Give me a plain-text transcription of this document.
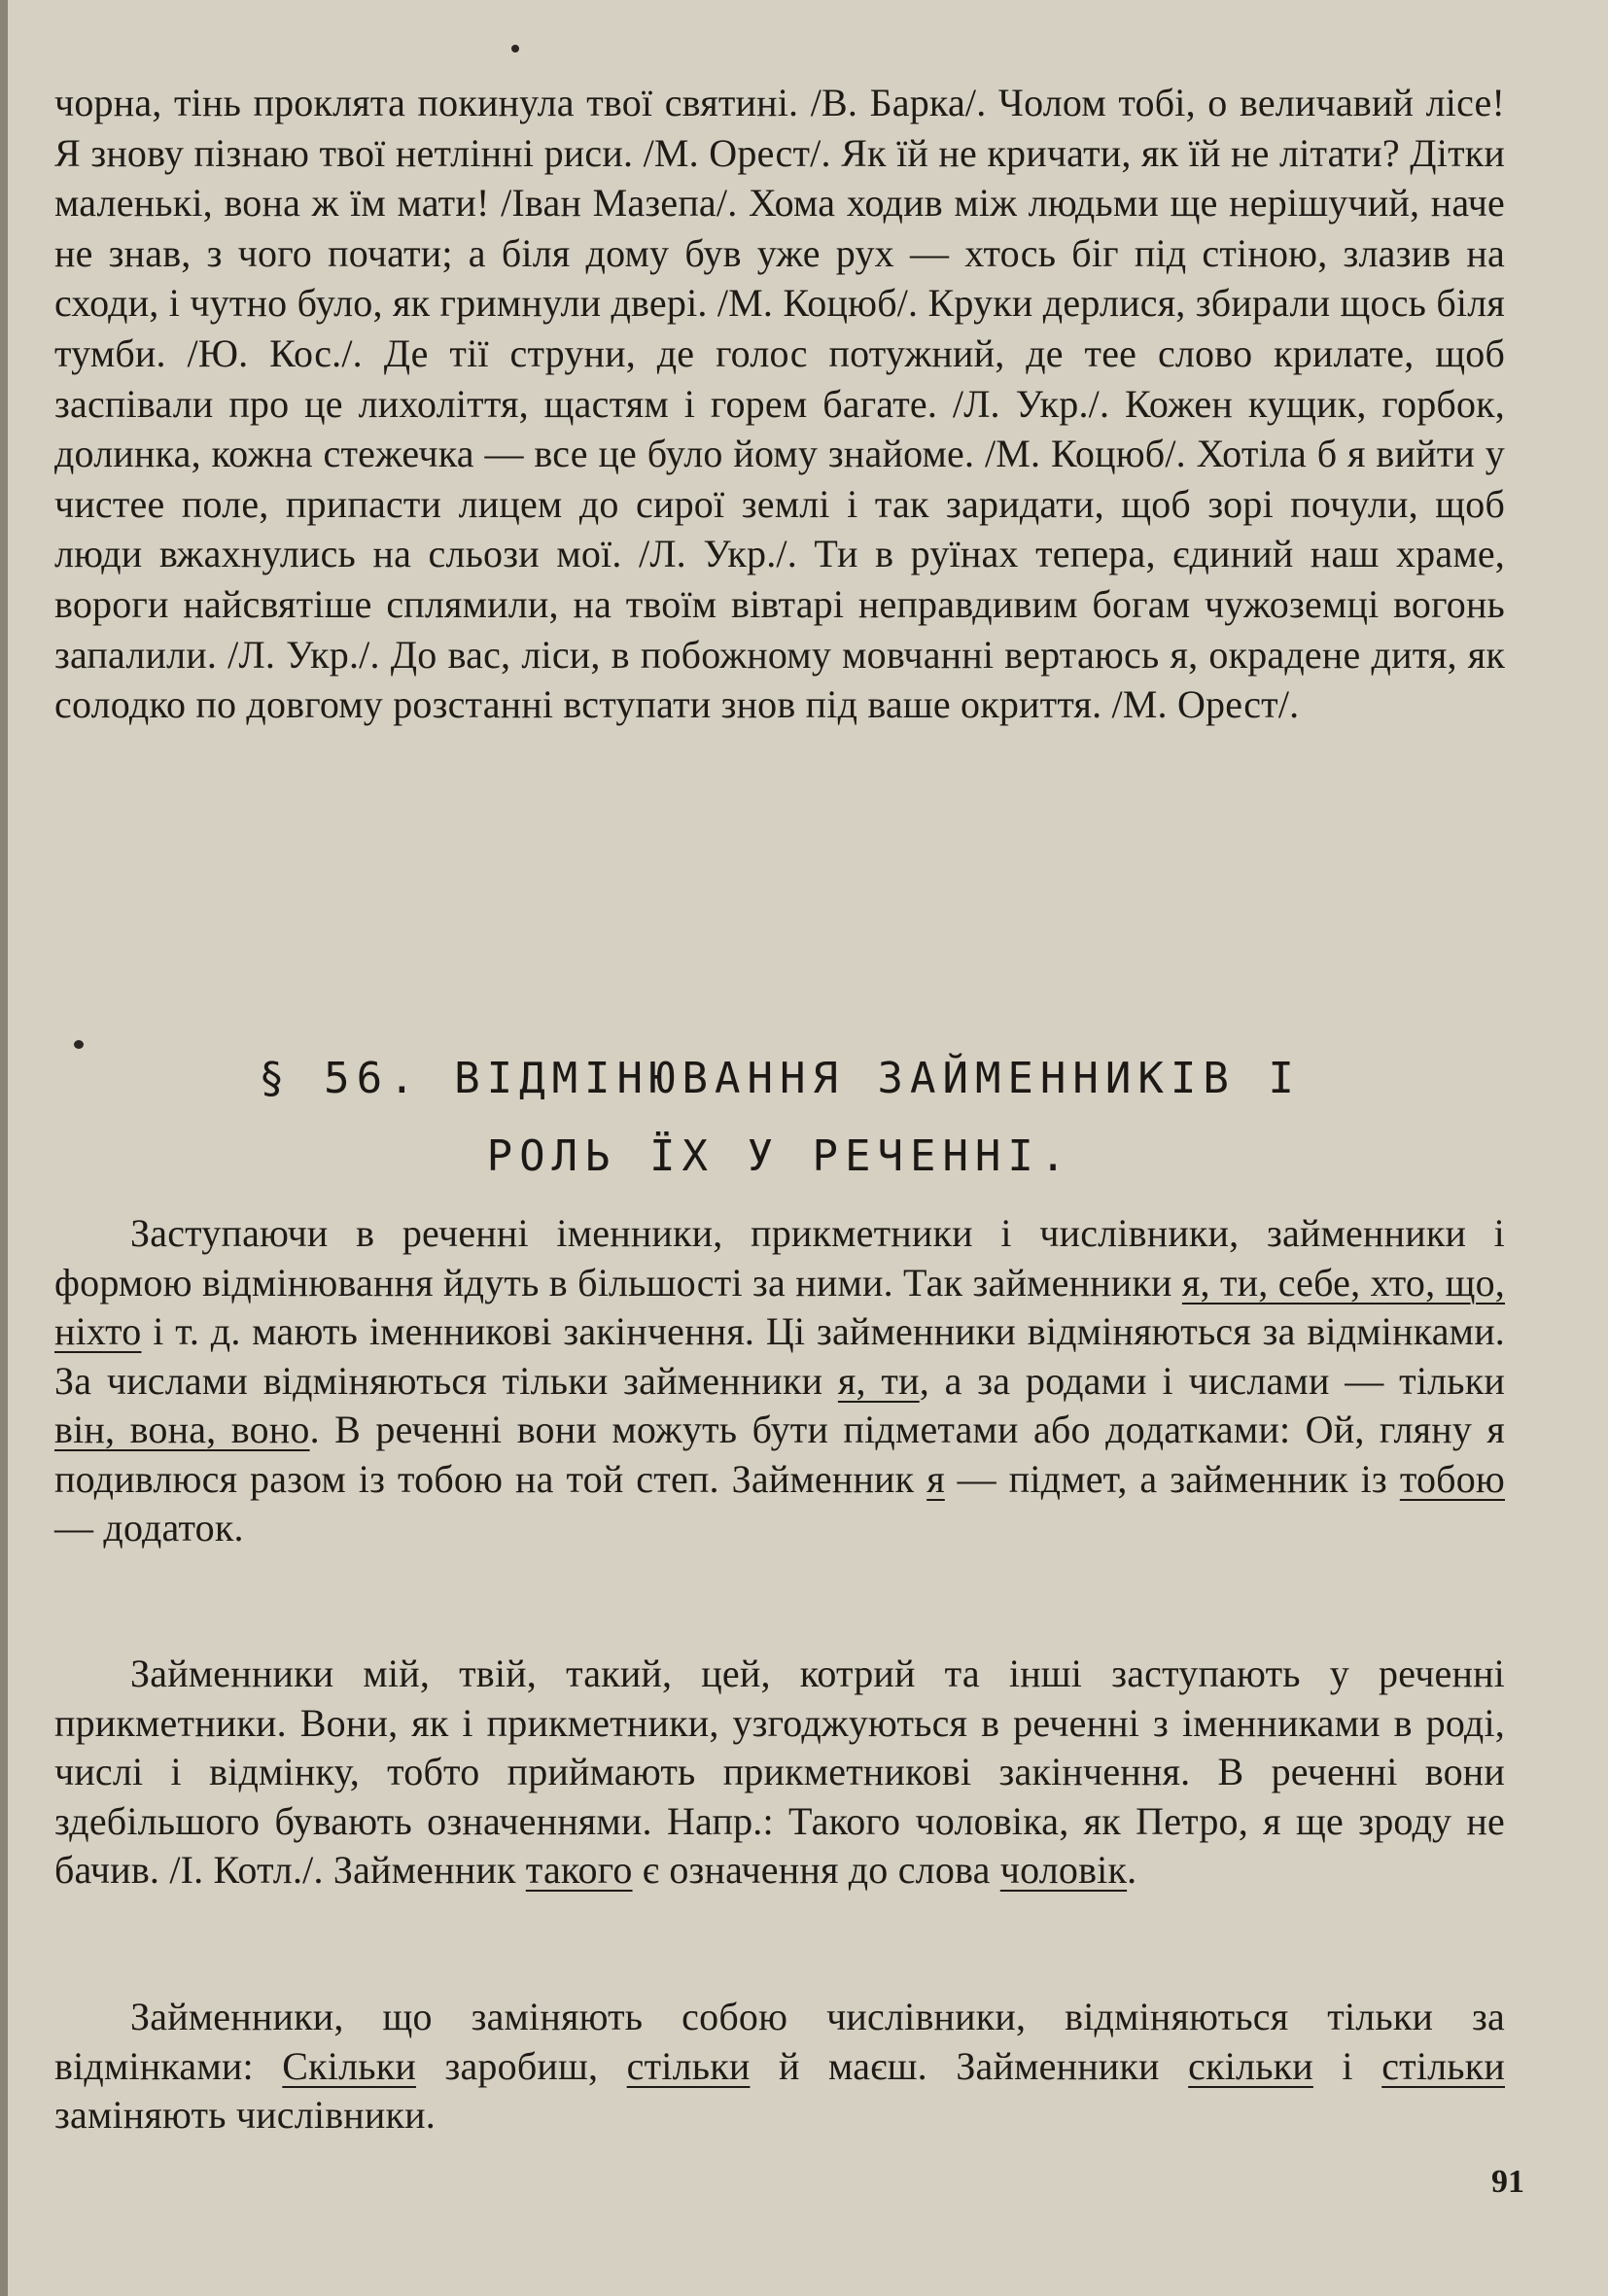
чорна, тінь проклята покинула твої святині. /В. Барка/. Чолом тобі, о величавий лісе! Я знову пізнаю твої нетлінні риси. /М. Орест/. Як їй не кричати, як їй не літати? Дітки маленькі, вона ж їм мати! /Іван Мазепа/. Хома ходив між людьми ще нерішучий, наче не знав, з чого почати; а біля дому був уже рух — хтось біг під стіною, злазив на сходи, і чутно було, як гримнули двері. /М. Коцюб/. Круки дерлися, збирали щось біля тумби. /Ю. Кос./. Де тії струни, де голос потужний, де тее слово крилате, щоб заспівали про це лихоліття, щастям і горем багате. /Л. Укр./. Кожен кущик, горбок, долинка, кожна стежечка — все це було йому знайоме. /М. Коцюб/. Хотіла б я вийти у чистее поле, припасти лицем до сирої землі і так заридати, щоб зорі почули, щоб люди вжахнулись на сльози мої. /Л. Укр./. Ти в руїнах тепера, єдиний наш храме, вороги найсвятіше сплямили, на твоїм вівтарі неправдивим богам чужоземці вогонь запалили. /Л. Укр./. До вас, ліси, в побожному мовчанні вертаюсь я, окрадене дитя, як солодко по довгому розстанні вступати знов під ваше окриття. /М. Орест/.

§ 56. ВІДМІНЮВАННЯ ЗАЙМЕННИКІВ І
РОЛЬ ЇХ У РЕЧЕННІ.

Заступаючи в реченні іменники, прикметники і числівники, займенники і формою відмінювання йдуть в більшості за ними. Так займенники я, ти, себе, хто, що, ніхто і т. д. мають іменникові закінчення. Ці займенники відміняються за відмінками. За числами відміняються тільки займенники я, ти, а за родами і числами — тільки він, вона, воно. В реченні вони можуть бути підметами або додатками: Ой, гляну я подивлюся разом із тобою на той степ. Займенник я — підмет, а займенник із тобою — додаток.

Займенники мій, твій, такий, цей, котрий та інші заступають у реченні прикметники. Вони, як і прикметники, узгоджуються в реченні з іменниками в роді, числі і відмінку, тобто приймають прикметникові закінчення. В реченні вони здебільшого бувають означеннями. Напр.: Такого чоловіка, як Петро, я ще зроду не бачив. /І. Котл./. Займенник такого є означення до слова чоловік.

Займенники, що заміняють собою числівники, відміняються тільки за відмінками: Скільки заробиш, стільки й маєш. Займенники скільки і стільки заміняють числівники.

91
